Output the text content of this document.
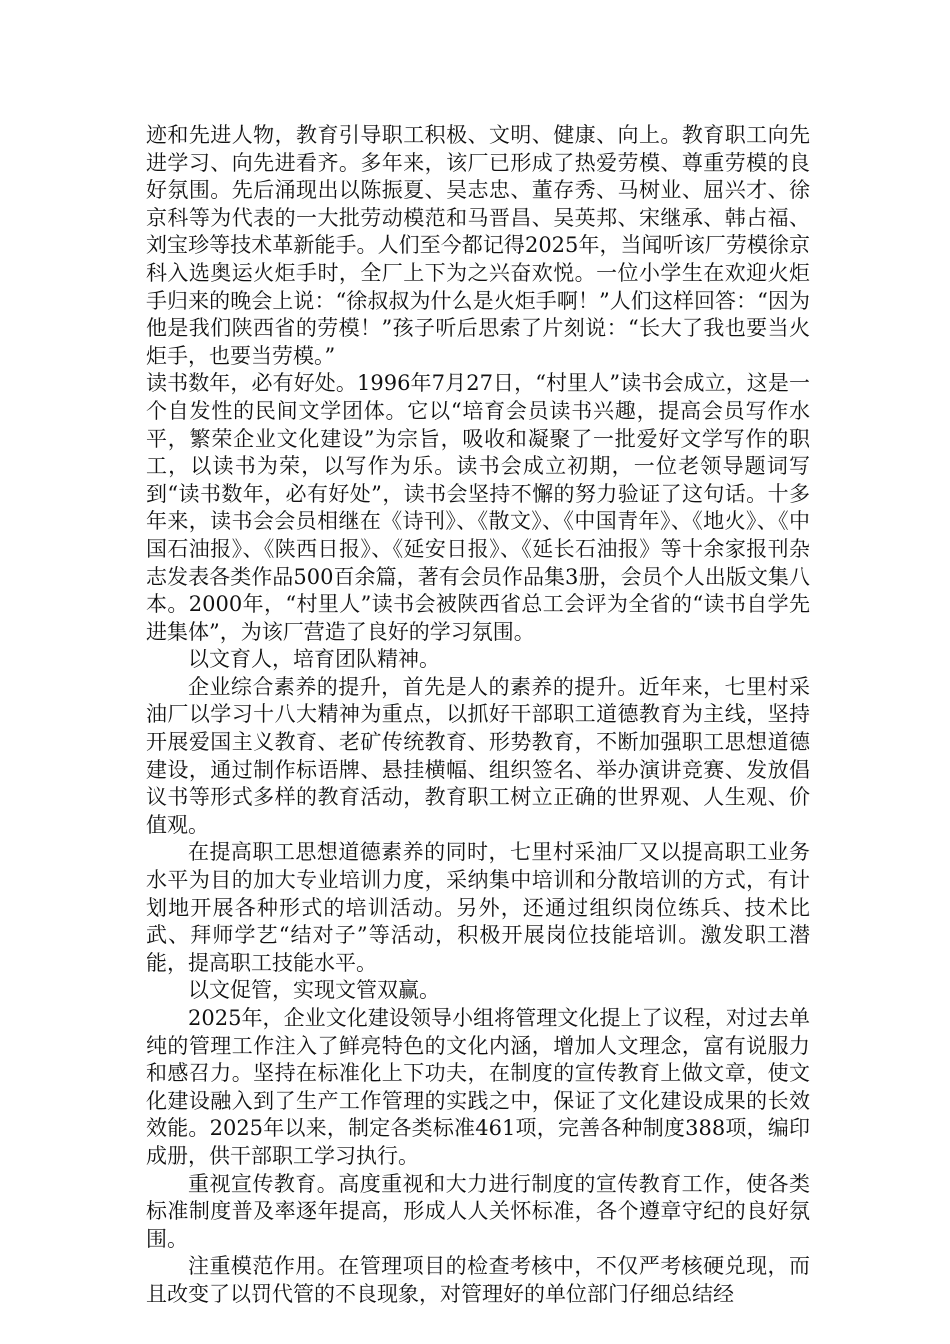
迹和先进人物，教育引导职工积极、文明、健康、向上。教育职工向先进学习、向先进看齐。多年来，该厂已形成了热爱劳模、尊重劳模的良好氛围。先后涌现出以陈振夏、吴志忠、董存秀、马树业、屈兴才、徐京科等为代表的一大批劳动模范和马晋昌、吴英邦、宋继承、韩占福、刘宝珍等技术革新能手。人们至今都记得2025年，当闻听该厂劳模徐京科入选奥运火炬手时，全厂上下为之兴奋欢悦。一位小学生在欢迎火炬手归来的晚会上说：“徐叔叔为什么是火炬手啊！”人们这样回答：“因为他是我们陕西省的劳模！”孩子听后思索了片刻说：“长大了我也要当火炬手，也要当劳模。”

读书数年，必有好处。1996年7月27日，“村里人”读书会成立，这是一个自发性的民间文学团体。它以“培育会员读书兴趣，提高会员写作水平，繁荣企业文化建设”为宗旨，吸收和凝聚了一批爱好文学写作的职工，以读书为荣，以写作为乐。读书会成立初期，一位老领导题词写到“读书数年，必有好处”，读书会坚持不懈的努力验证了这句话。十多年来，读书会会员相继在《诗刊》、《散文》、《中国青年》、《地火》、《中国石油报》、《陕西日报》、《延安日报》、《延长石油报》等十余家报刊杂志发表各类作品500百余篇，著有会员作品集3册，会员个人出版文集八本。2000年，“村里人”读书会被陕西省总工会评为全省的“读书自学先进集体”，为该厂营造了良好的学习氛围。

以文育人，培育团队精神。

企业综合素养的提升，首先是人的素养的提升。近年来，七里村采油厂以学习十八大精神为重点，以抓好干部职工道德教育为主线，坚持开展爱国主义教育、老矿传统教育、形势教育，不断加强职工思想道德建设，通过制作标语牌、悬挂横幅、组织签名、举办演讲竞赛、发放倡议书等形式多样的教育活动，教育职工树立正确的世界观、人生观、价值观。

在提高职工思想道德素养的同时，七里村采油厂又以提高职工业务水平为目的加大专业培训力度，采纳集中培训和分散培训的方式，有计划地开展各种形式的培训活动。另外，还通过组织岗位练兵、技术比武、拜师学艺“结对子”等活动，积极开展岗位技能培训。激发职工潜能，提高职工技能水平。

以文促管，实现文管双赢。

2025年，企业文化建设领导小组将管理文化提上了议程，对过去单纯的管理工作注入了鲜亮特色的文化内涵，增加人文理念，富有说服力和感召力。坚持在标准化上下功夫，在制度的宣传教育上做文章，使文化建设融入到了生产工作管理的实践之中，保证了文化建设成果的长效效能。2025年以来，制定各类标准461项，完善各种制度388项，编印成册，供干部职工学习执行。

重视宣传教育。高度重视和大力进行制度的宣传教育工作，使各类标准制度普及率逐年提高，形成人人关怀标准，各个遵章守纪的良好氛围。

注重模范作用。在管理项目的检查考核中，不仅严考核硬兑现，而且改变了以罚代管的不良现象，对管理好的单位部门仔细总结经
